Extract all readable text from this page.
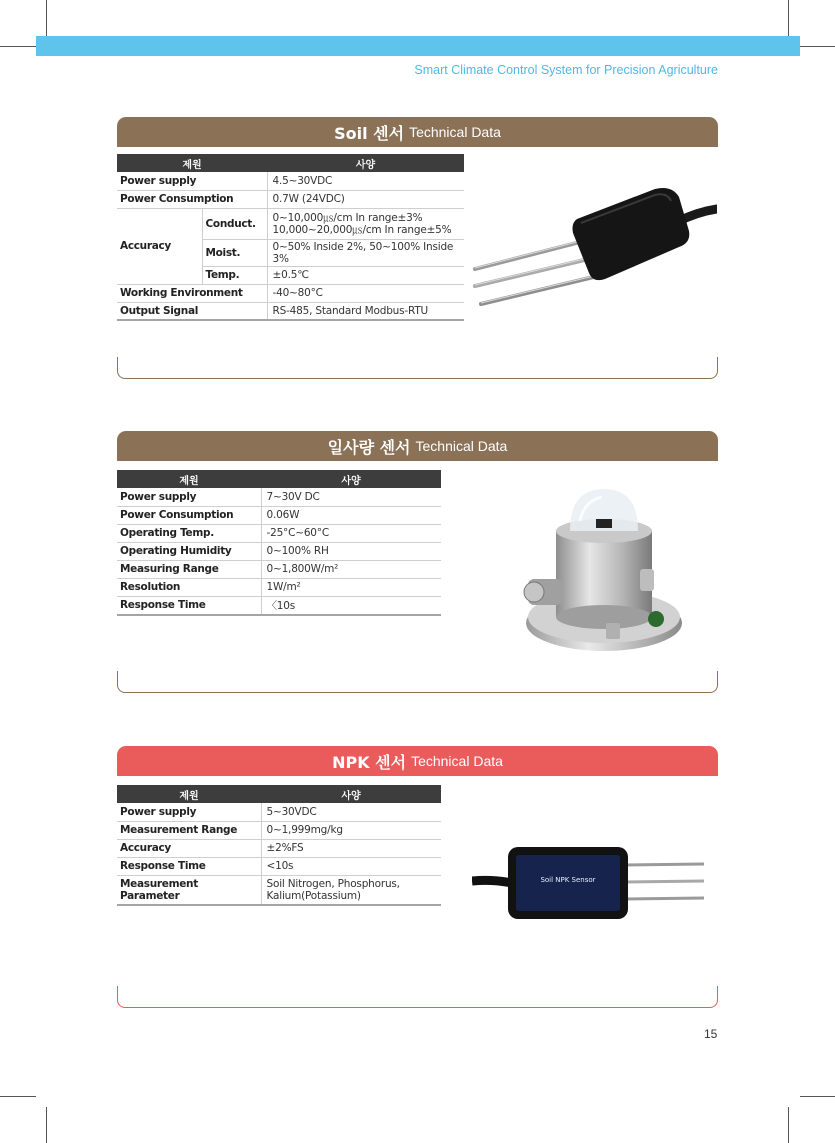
Smart Climate Control System for Precision Agriculture
Soil 센서 Technical Data
제원		사양
Power supply		4.5~30VDC
Power Consumption		0.7W (24VDC)
Accuracy	Conduct.	0~10,000㎲/cm In range±3%
10,000~20,000㎲/cm In range±5%

	Moist.	0~50% Inside 2%, 50~100% Inside 3%
	Temp.	±0.5℃
Working Environment		-40~80°C
Output Signal		RS-485, Standard Modbus-RTU
일사량 센서 Technical Data
제원	사양
Power supply	7~30V DC
Power Consumption	0.06W
Operating Temp.	-25°C~60°C
Operating Humidity	0~100% RH
Measuring Range	0~1,800W/m²
Resolution	1W/m²
Response Time	〈10s
NPK 센서 Technical Data
제원	사양
Power supply	5~30VDC
Measurement Range	0~1,999mg/kg
Accuracy	±2%FS
Response Time	<10s
Measurement Parameter	Soil Nitrogen, Phosphorus,
Kalium(Potassium)
Soil NPK Sensor
15
